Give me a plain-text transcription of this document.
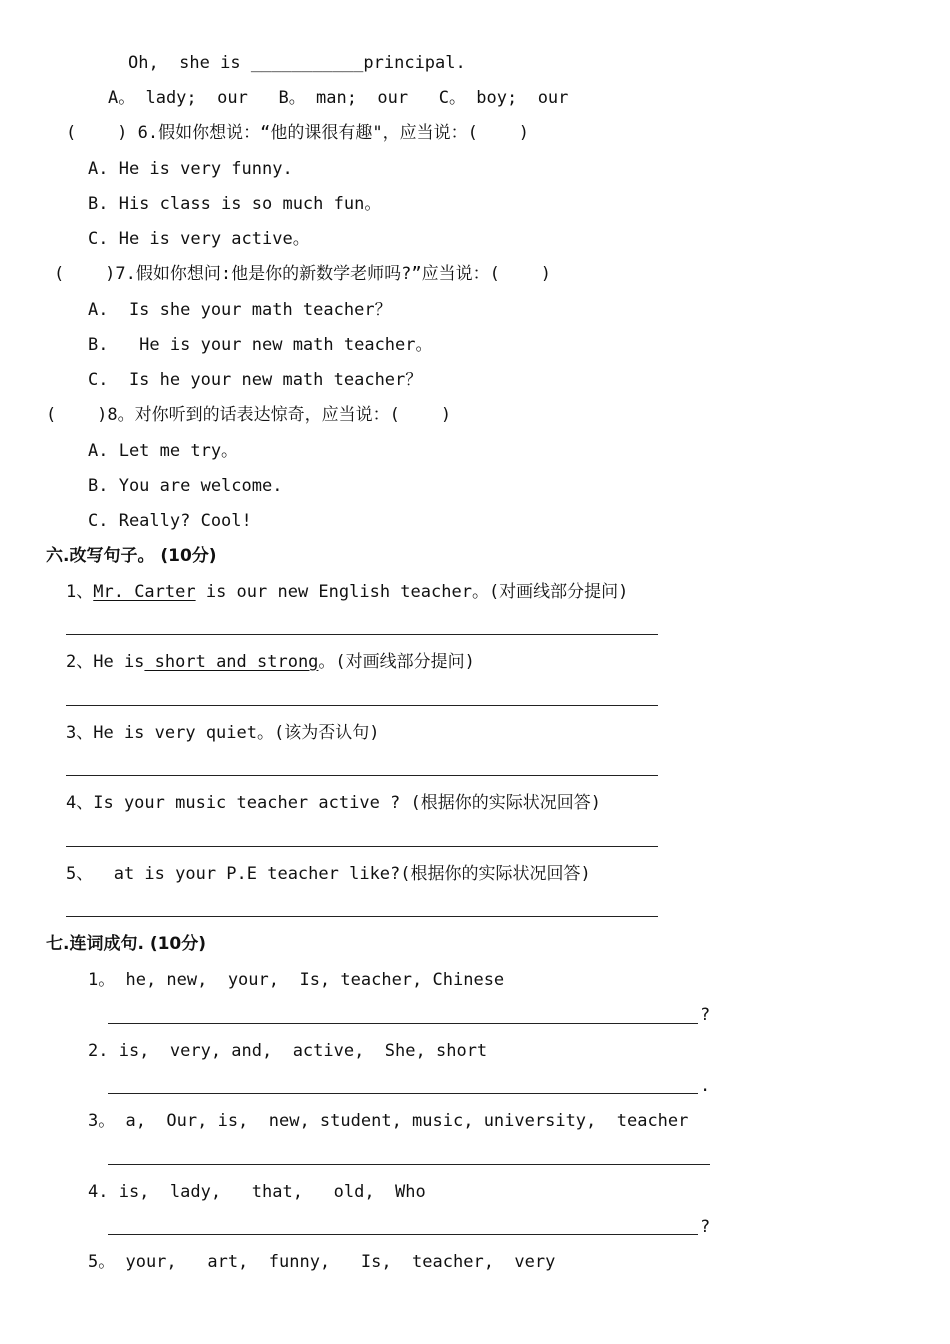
Oh,  she is ___________principal.
A。 lady;  our   B。 man;  our   C。 boy;  our
(    ) 6.假如你想说：“他的课很有趣"，应当说：(    )
A. He is very funny.
B. His class is so much fun。
C. He is very active。
(    )7.假如你想问:他是你的新数学老师吗?”应当说：(    )
A.  Is she your math teacher？
B.   He is your new math teacher。
C.  Is he your new math teacher？
(    )8。对你听到的话表达惊奇，应当说：(    )
A. Let me try。
B. You are welcome.
C. Really? Cool!
六.改写句子。 (10分)
1、Mr. Carter is our new English teacher。(对画线部分提问)
2、He is short and strong。(对画线部分提问)
3、He is very quiet。(该为否认句)
4、Is your music teacher active ? (根据你的实际状况回答)
5、  at is your P.E teacher like?(根据你的实际状况回答)
七.连词成句. (10分)
1。 he, new,  your,  Is, teacher, Chinese
?
2. is,  very, and,  active,  She, short
.
3。 a,  Our, is,  new, student, music, university,  teacher
4. is,  lady,   that,   old,  Who
?
5。 your,   art,  funny,   Is,  teacher,  very
